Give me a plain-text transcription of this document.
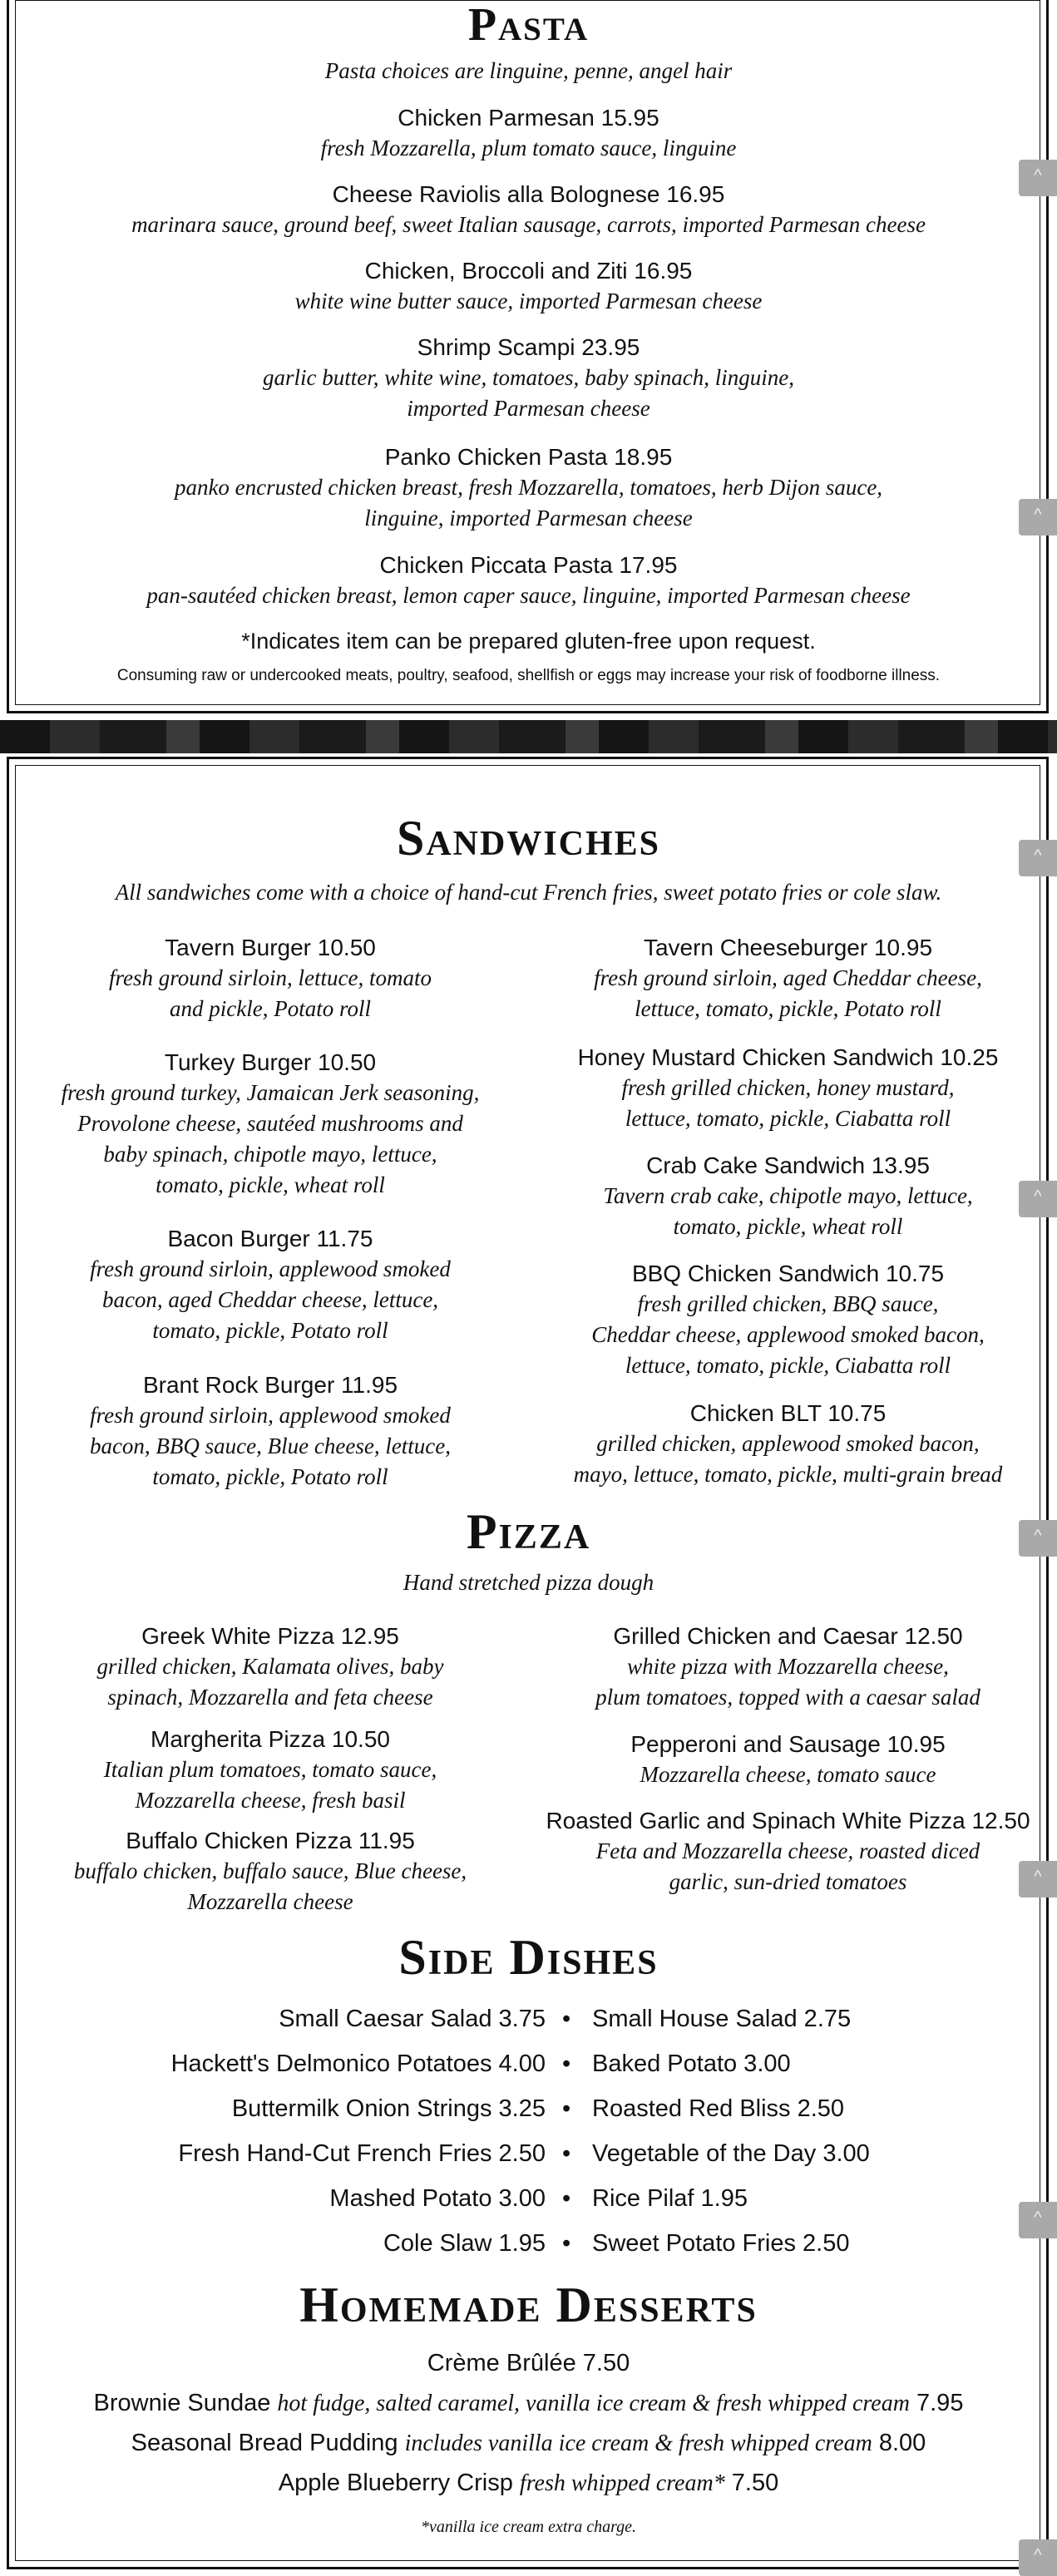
Pasta
Pasta choices are linguine, penne, angel hair
Chicken Parmesan 15.95
fresh Mozzarella, plum tomato sauce, linguine
Cheese Raviolis alla Bolognese 16.95
marinara sauce, ground beef, sweet Italian sausage, carrots, imported Parmesan cheese
Chicken, Broccoli and Ziti 16.95
white wine butter sauce, imported Parmesan cheese
Shrimp Scampi 23.95
garlic butter, white wine, tomatoes, baby spinach, linguine,
imported Parmesan cheese
Panko Chicken Pasta 18.95
panko encrusted chicken breast, fresh Mozzarella, tomatoes, herb Dijon sauce,
linguine, imported Parmesan cheese
Chicken Piccata Pasta 17.95
pan-sautéed chicken breast, lemon caper sauce, linguine, imported Parmesan cheese
*Indicates item can be prepared gluten-free upon request.
Consuming raw or undercooked meats, poultry, seafood, shellfish or eggs may increase your risk of foodborne illness.
Sandwiches
All sandwiches come with a choice of hand-cut French fries, sweet potato fries or cole slaw.
Tavern Burger 10.50
fresh ground sirloin, lettuce, tomato
and pickle, Potato roll
Turkey Burger 10.50
fresh ground turkey, Jamaican Jerk seasoning,
Provolone cheese, sautéed mushrooms and
baby spinach, chipotle mayo, lettuce,
tomato, pickle, wheat roll
Bacon Burger 11.75
fresh ground sirloin, applewood smoked
bacon, aged Cheddar cheese, lettuce,
tomato, pickle, Potato roll
Brant Rock Burger 11.95
fresh ground sirloin, applewood smoked
bacon, BBQ sauce, Blue cheese, lettuce,
tomato, pickle, Potato roll
Tavern Cheeseburger 10.95
fresh ground sirloin, aged Cheddar cheese,
lettuce, tomato, pickle, Potato roll
Honey Mustard Chicken Sandwich 10.25
fresh grilled chicken, honey mustard,
lettuce, tomato, pickle, Ciabatta roll
Crab Cake Sandwich 13.95
Tavern crab cake, chipotle mayo, lettuce,
tomato, pickle, wheat roll
BBQ Chicken Sandwich 10.75
fresh grilled chicken, BBQ sauce,
Cheddar cheese, applewood smoked bacon,
lettuce, tomato, pickle, Ciabatta roll
Chicken BLT 10.75
grilled chicken, applewood smoked bacon,
mayo, lettuce, tomato, pickle, multi-grain bread
Pizza
Hand stretched pizza dough
Greek White Pizza 12.95
grilled chicken, Kalamata olives, baby
spinach, Mozzarella and feta cheese
Margherita Pizza 10.50
Italian plum tomatoes, tomato sauce,
Mozzarella cheese, fresh basil
Buffalo Chicken Pizza 11.95
buffalo chicken, buffalo sauce, Blue cheese,
Mozzarella cheese
Grilled Chicken and Caesar 12.50
white pizza with Mozzarella cheese,
plum tomatoes, topped with a caesar salad
Pepperoni and Sausage 10.95
Mozzarella cheese, tomato sauce
Roasted Garlic and Spinach White Pizza 12.50
Feta and Mozzarella cheese, roasted diced
garlic, sun-dried tomatoes
Side Dishes
Small Caesar Salad 3.75 • Small House Salad 2.75
Hackett's Delmonico Potatoes 4.00 • Baked Potato 3.00
Buttermilk Onion Strings 3.25 • Roasted Red Bliss 2.50
Fresh Hand-Cut French Fries 2.50 • Vegetable of the Day 3.00
Mashed Potato 3.00 • Rice Pilaf 1.95
Cole Slaw 1.95 • Sweet Potato Fries 2.50
Homemade Desserts
Crème Brûlée 7.50
Brownie Sundae hot fudge, salted caramel, vanilla ice cream & fresh whipped cream 7.95
Seasonal Bread Pudding includes vanilla ice cream & fresh whipped cream 8.00
Apple Blueberry Crisp fresh whipped cream* 7.50
*vanilla ice cream extra charge.
^
^
^
^
^
^
^
^
